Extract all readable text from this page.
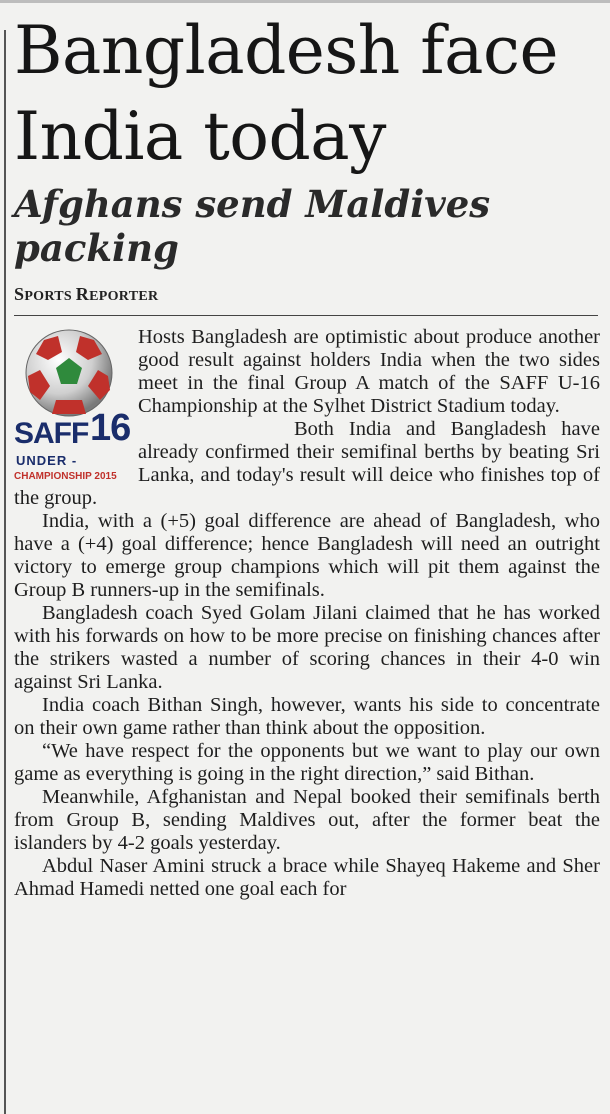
Bangladesh face India today
Afghans send Maldives packing
SPORTS REPORTER
SAFF 16
UNDER -
CHAMPIONSHIP 2015

Hosts Bangladesh are optimistic about produce another good result against holders India when the two sides meet in the final Group A match of the SAFF U-16 Championship at the Sylhet District Stadium today.

Both India and Bangladesh have already confirmed their semifinal berths by beating Sri Lanka, and today's result will deice who finishes top of the group.

India, with a (+5) goal difference are ahead of Bangladesh, who have a (+4) goal difference; hence Bangladesh will need an outright victory to emerge group champions which will pit them against the Group B runners-up in the semifinals.

Bangladesh coach Syed Golam Jilani claimed that he has worked with his forwards on how to be more precise on finishing chances after the strikers wasted a number of scoring chances in their 4-0 win against Sri Lanka.

India coach Bithan Singh, however, wants his side to concentrate on their own game rather than think about the opposition.

“We have respect for the opponents but we want to play our own game as everything is going in the right direction,” said Bithan.

Meanwhile, Afghanistan and Nepal booked their semifinals berth from Group B, sending Maldives out, after the former beat the islanders by 4-2 goals yesterday.

Abdul Naser Amini struck a brace while Shayeq Hakeme and Sher Ahmad Hamedi netted one goal each for
